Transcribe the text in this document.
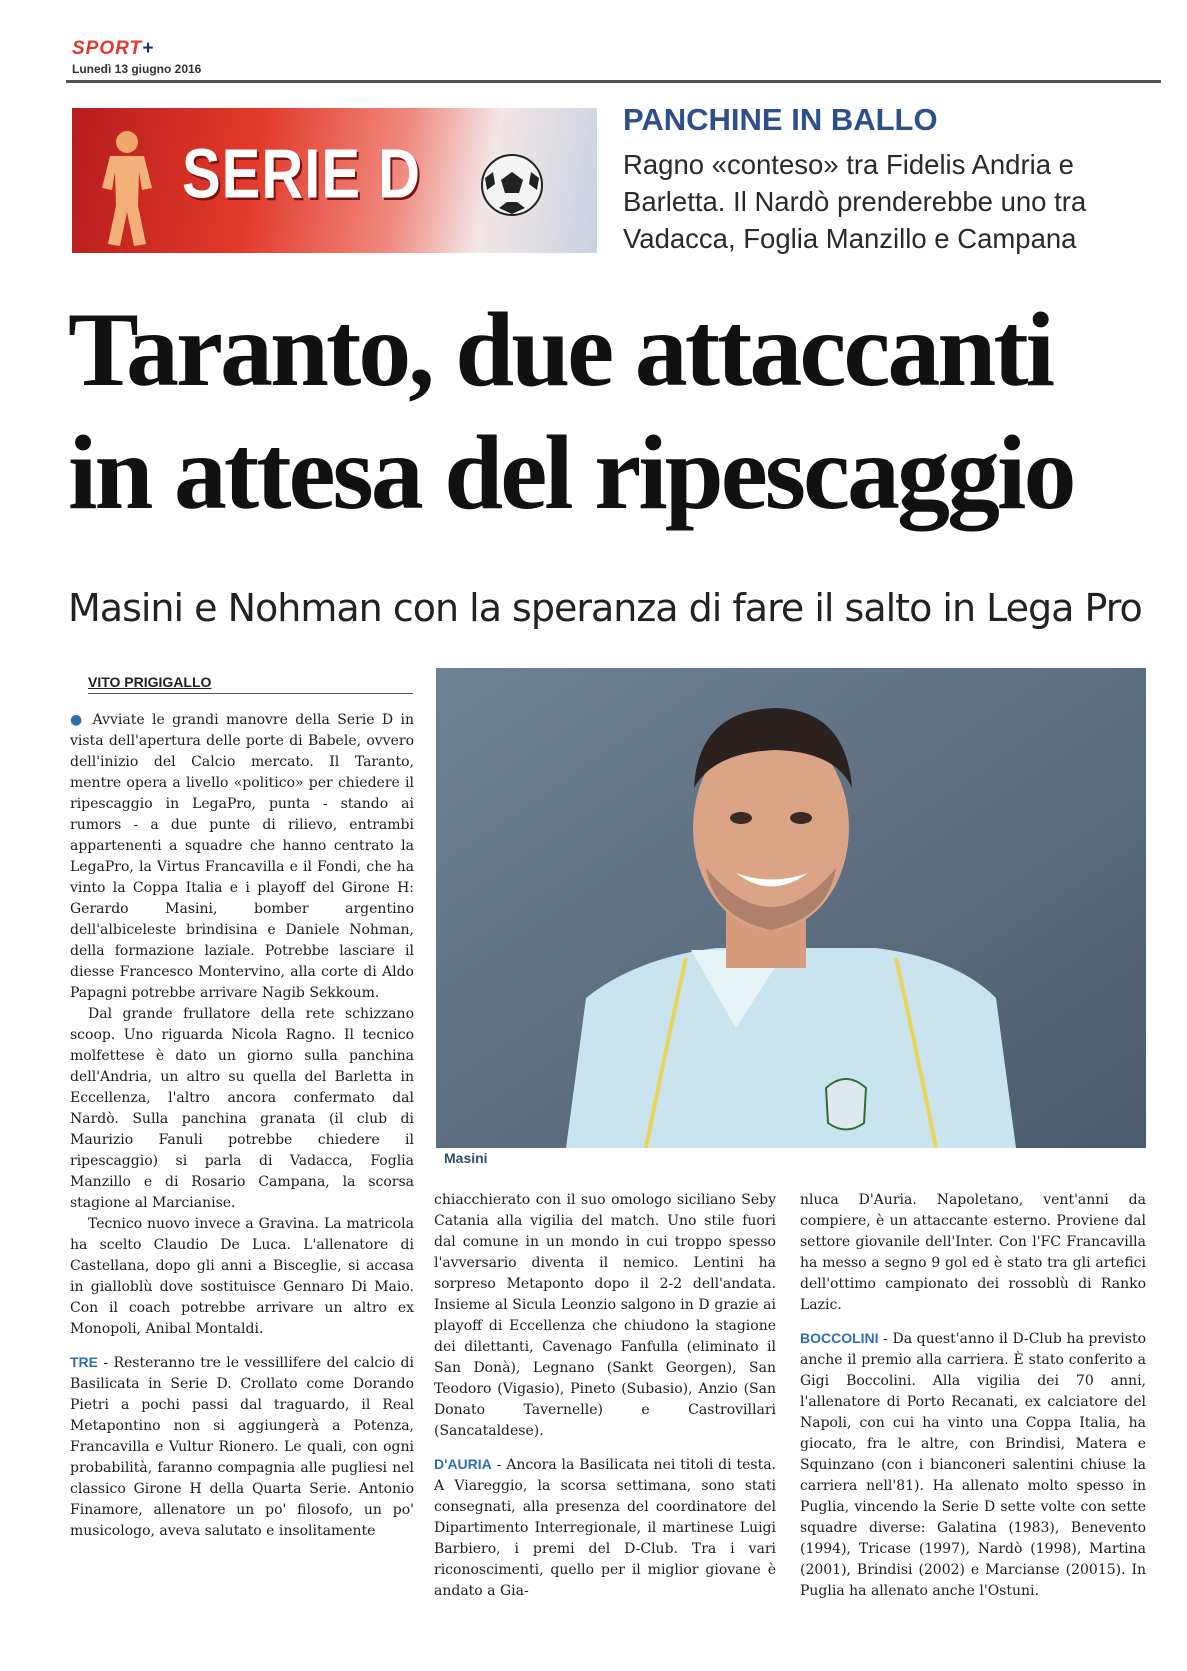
SPORT+
Lunedì 13 giugno 2016
SERIE D
PANCHINE IN BALLO
Ragno «conteso» tra Fidelis Andria e Barletta. Il Nardò prenderebbe uno tra Vadacca, Foglia Manzillo e Campana
Taranto, due attaccanti
in attesa del ripescaggio
Masini e Nohman con la speranza di fare il salto in Lega Pro
VITO PRIGIGALLO

● Avviate le grandi manovre della Serie D in vista dell'apertura delle porte di Babele, ovvero dell'inizio del Calcio mercato. Il Taranto, mentre opera a livello «politico» per chiedere il ripescaggio in LegaPro, punta - stando ai rumors - a due punte di rilievo, entrambi appartenenti a squadre che hanno centrato la LegaPro, la Virtus Francavilla e il Fondi, che ha vinto la Coppa Italia e i playoff del Girone H: Gerardo Masini, bomber argentino dell'albiceleste brindisina e Daniele Nohman, della formazione laziale. Potrebbe lasciare il diesse Francesco Montervino, alla corte di Aldo Papagni potrebbe arrivare Nagib Sekkoum.

Dal grande frullatore della rete schizzano scoop. Uno riguarda Nicola Ragno. Il tecnico molfettese è dato un giorno sulla panchina dell'Andria, un altro su quella del Barletta in Eccellenza, l'altro ancora confermato dal Nardò. Sulla panchina granata (il club di Maurizio Fanuli potrebbe chiedere il ripescaggio) si parla di Vadacca, Foglia Manzillo e di Rosario Campana, la scorsa stagione al Marcianise.

Tecnico nuovo invece a Gravina. La matricola ha scelto Claudio De Luca. L'allenatore di Castellana, dopo gli anni a Bisceglie, si accasa in gialloblù dove sostituisce Gennaro Di Maio. Con il coach potrebbe arrivare un altro ex Monopoli, Anibal Montaldi.

TRE - Resteranno tre le vessillifere del calcio di Basilicata in Serie D. Crollato come Dorando Pietri a pochi passi dal traguardo, il Real Metapontino non si aggiungerà a Potenza, Francavilla e Vultur Rionero. Le quali, con ogni probabilità, faranno compagnia alle pugliesi nel classico Girone H della Quarta Serie. Antonio Finamore, allenatore un po' filosofo, un po' musicologo, aveva salutato e insolitamente

Masini

chiacchierato con il suo omologo siciliano Seby Catania alla vigilia del match. Uno stile fuori dal comune in un mondo in cui troppo spesso l'avversario diventa il nemico. Lentini ha sorpreso Metaponto dopo il 2-2 dell'andata. Insieme al Sicula Leonzio salgono in D grazie ai playoff di Eccellenza che chiudono la stagione dei dilettanti, Cavenago Fanfulla (eliminato il San Donà), Legnano (Sankt Georgen), San Teodoro (Vigasio), Pineto (Subasio), Anzio (San Donato Tavernelle) e Castrovillari (Sancataldese).

D'AURIA - Ancora la Basilicata nei titoli di testa. A Viareggio, la scorsa settimana, sono stati consegnati, alla presenza del coordinatore del Dipartimento Interregionale, il martinese Luigi Barbiero, i premi del D-Club. Tra i vari riconoscimenti, quello per il miglior giovane è andato a Gia-

nluca D'Auria. Napoletano, vent'anni da compiere, è un attaccante esterno. Proviene dal settore giovanile dell'Inter. Con l'FC Francavilla ha messo a segno 9 gol ed è stato tra gli artefici dell'ottimo campionato dei rossoblù di Ranko Lazic.

BOCCOLINI - Da quest'anno il D-Club ha previsto anche il premio alla carriera. È stato conferito a Gigi Boccolini. Alla vigilia dei 70 anni, l'allenatore di Porto Recanati, ex calciatore del Napoli, con cui ha vinto una Coppa Italia, ha giocato, fra le altre, con Brindisi, Matera e Squinzano (con i bianconeri salentini chiuse la carriera nell'81). Ha allenato molto spesso in Puglia, vincendo la Serie D sette volte con sette squadre diverse: Galatina (1983), Benevento (1994), Tricase (1997), Nardò (1998), Martina (2001), Brindisi (2002) e Marcianse (20015). In Puglia ha allenato anche l'Ostuni.
